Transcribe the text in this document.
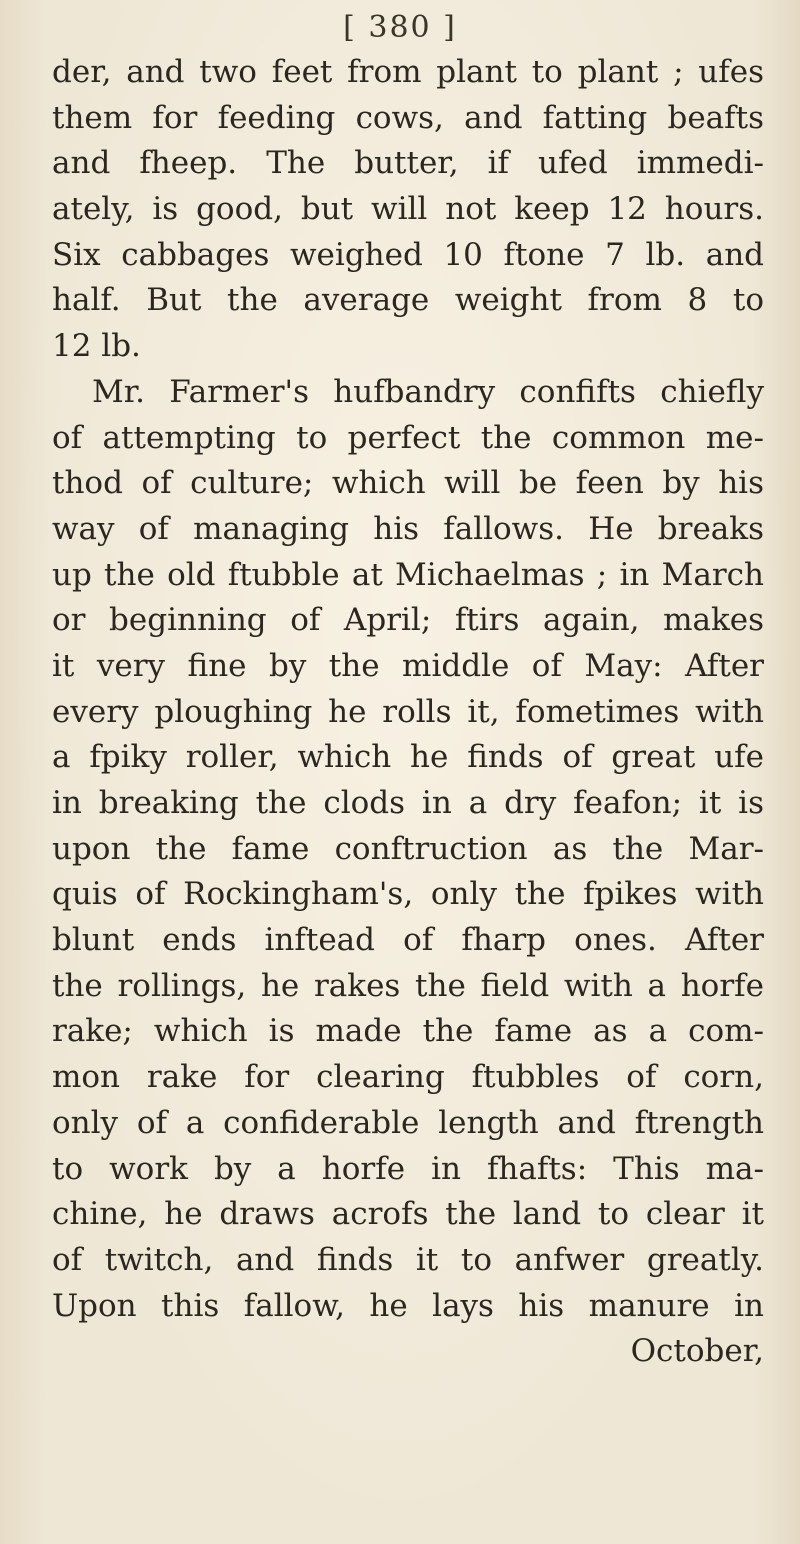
[ 380 ]
der, and two feet from plant to plant ; ufes
them for feeding cows, and fatting beafts
and fheep. The butter, if ufed immedi-
ately, is good, but will not keep 12 hours.
Six cabbages weighed 10 ftone 7 lb. and
half. But the average weight from 8 to
12 lb.
Mr. Farmer's hufbandry confifts chiefly
of attempting to perfect the common me-
thod of culture; which will be feen by his
way of managing his fallows. He breaks
up the old ftubble at Michaelmas ; in March
or beginning of April; ftirs again, makes
it very fine by the middle of May: After
every ploughing he rolls it, fometimes with
a fpiky roller, which he finds of great ufe
in breaking the clods in a dry feafon; it is
upon the fame conftruction as the Mar-
quis of Rockingham's, only the fpikes with
blunt ends inftead of fharp ones. After
the rollings, he rakes the field with a horfe
rake; which is made the fame as a com-
mon rake for clearing ftubbles of corn,
only of a confiderable length and ftrength
to work by a horfe in fhafts: This ma-
chine, he draws acrofs the land to clear it
of twitch, and finds it to anfwer greatly.
Upon this fallow, he lays his manure in
October,
